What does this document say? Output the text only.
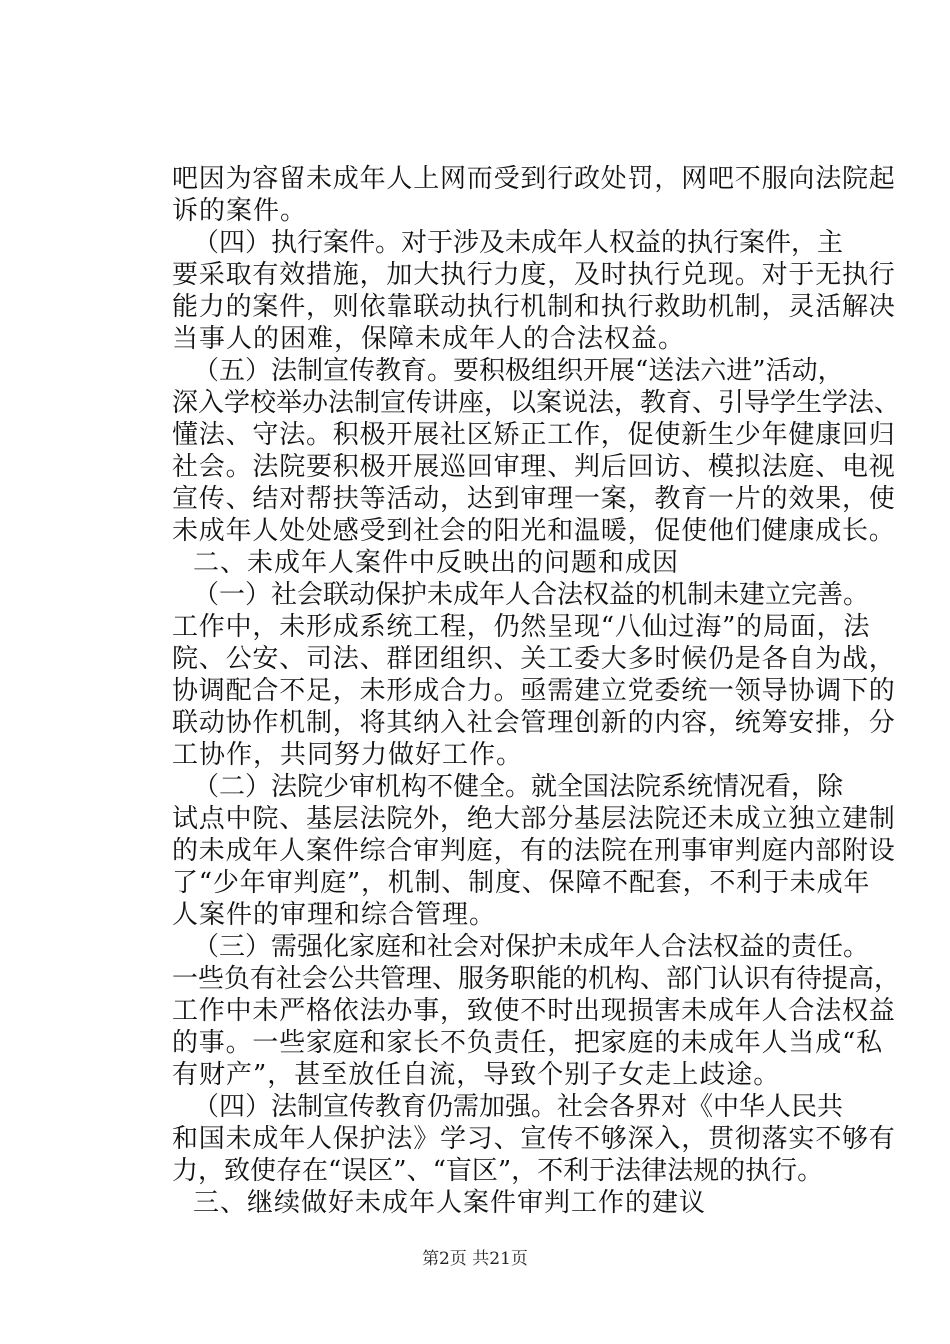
吧因为容留未成年人上网而受到行政处罚，网吧不服向法院起
诉的案件。
（四）执行案件。对于涉及未成年人权益的执行案件，主
要采取有效措施，加大执行力度，及时执行兑现。对于无执行
能力的案件，则依靠联动执行机制和执行救助机制，灵活解决
当事人的困难，保障未成年人的合法权益。
（五）法制宣传教育。要积极组织开展“送法六进”活动，
深入学校举办法制宣传讲座，以案说法，教育、引导学生学法、
懂法、守法。积极开展社区矫正工作，促使新生少年健康回归
社会。法院要积极开展巡回审理、判后回访、模拟法庭、电视
宣传、结对帮扶等活动，达到审理一案，教育一片的效果，使
未成年人处处感受到社会的阳光和温暖，促使他们健康成长。
二、未成年人案件中反映出的问题和成因
（一）社会联动保护未成年人合法权益的机制未建立完善。
工作中，未形成系统工程，仍然呈现“八仙过海”的局面，法
院、公安、司法、群团组织、关工委大多时候仍是各自为战，
协调配合不足，未形成合力。亟需建立党委统一领导协调下的
联动协作机制，将其纳入社会管理创新的内容，统筹安排，分
工协作，共同努力做好工作。
（二）法院少审机构不健全。就全国法院系统情况看，除
试点中院、基层法院外，绝大部分基层法院还未成立独立建制
的未成年人案件综合审判庭，有的法院在刑事审判庭内部附设
了“少年审判庭”，机制、制度、保障不配套，不利于未成年
人案件的审理和综合管理。
（三）需强化家庭和社会对保护未成年人合法权益的责任。
一些负有社会公共管理、服务职能的机构、部门认识有待提高，
工作中未严格依法办事，致使不时出现损害未成年人合法权益
的事。一些家庭和家长不负责任，把家庭的未成年人当成“私
有财产”，甚至放任自流，导致个别子女走上歧途。
（四）法制宣传教育仍需加强。社会各界对《中华人民共
和国未成年人保护法》学习、宣传不够深入，贯彻落实不够有
力，致使存在“误区”、“盲区”，不利于法律法规的执行。
三、继续做好未成年人案件审判工作的建议
第2页 共21页
